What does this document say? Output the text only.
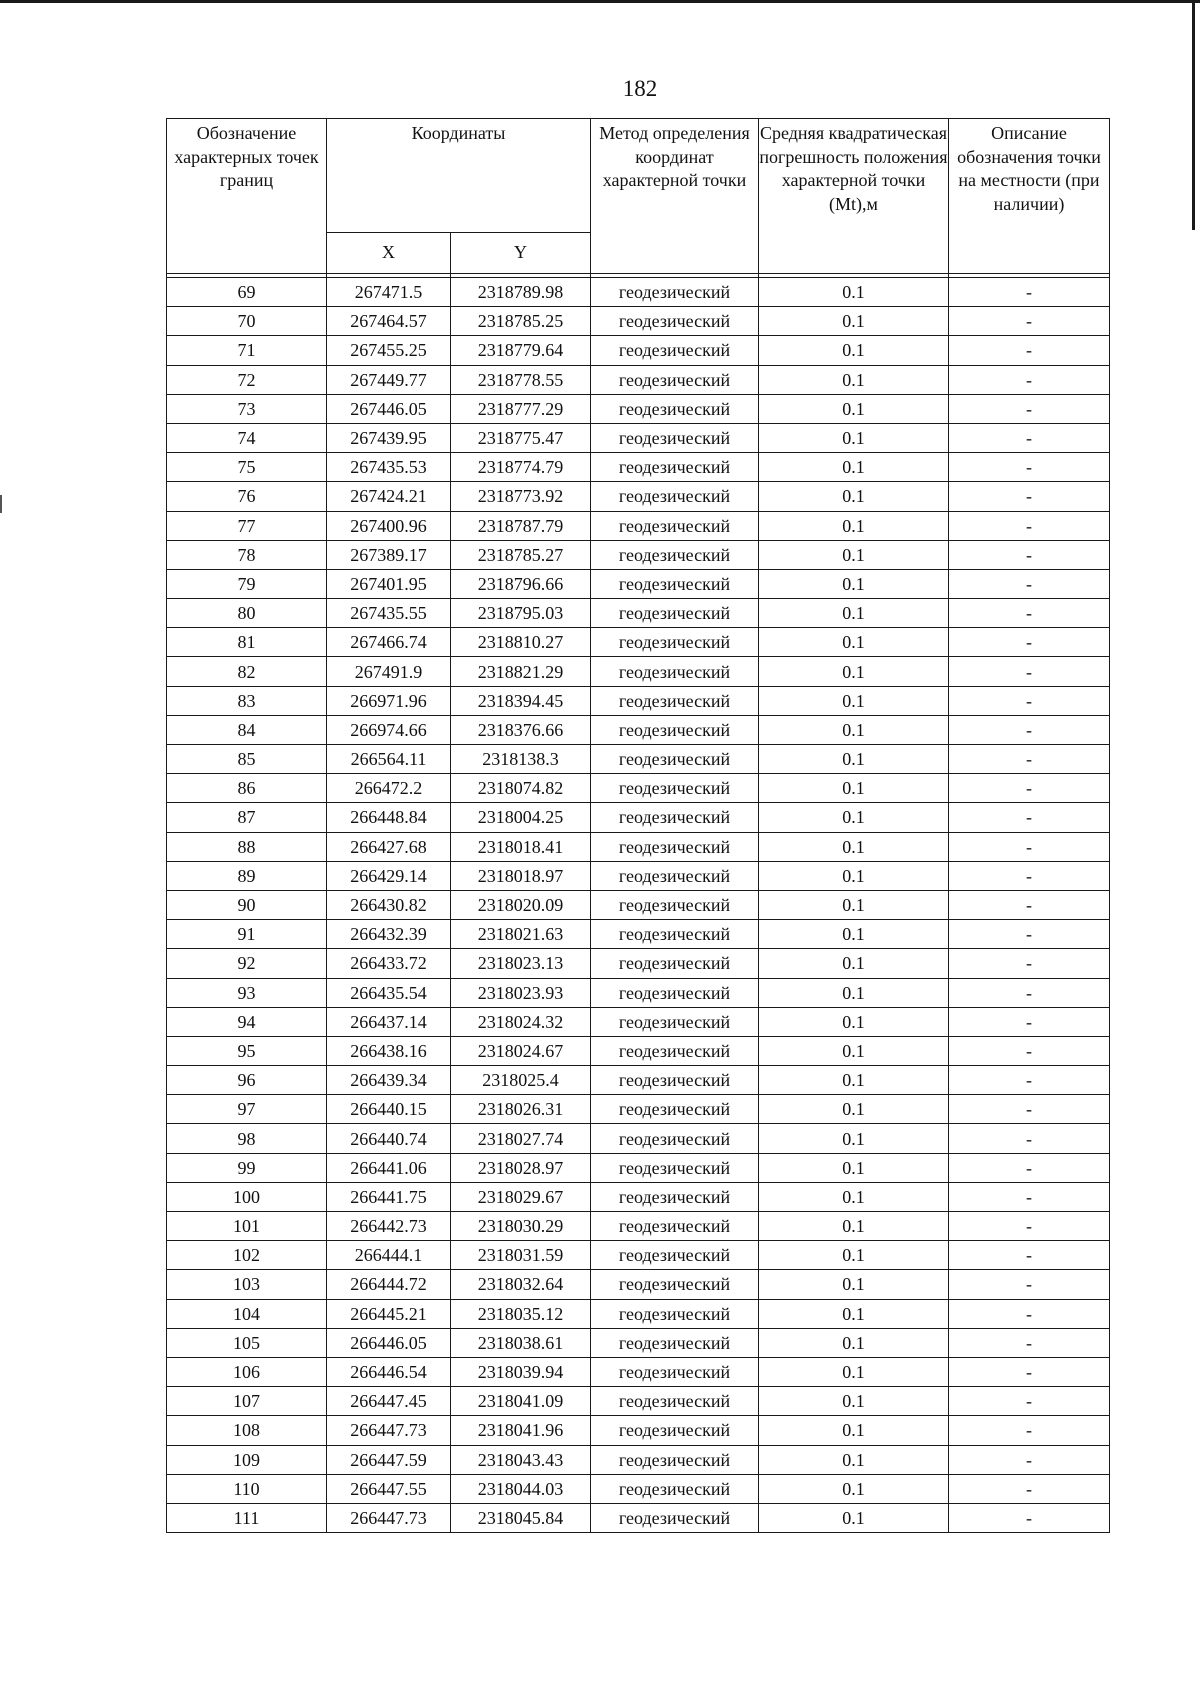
182
Обозначение характерных точек границ	Координаты		Метод определения координат характерной точки	Средняя квадратическая погрешность положения характерной точки (Mt),м	Описание обозначения точки на местности (при наличии)
	X	Y			

69	267471.5	2318789.98	геодезический	0.1	-
70	267464.57	2318785.25	геодезический	0.1	-
71	267455.25	2318779.64	геодезический	0.1	-
72	267449.77	2318778.55	геодезический	0.1	-
73	267446.05	2318777.29	геодезический	0.1	-
74	267439.95	2318775.47	геодезический	0.1	-
75	267435.53	2318774.79	геодезический	0.1	-
76	267424.21	2318773.92	геодезический	0.1	-
77	267400.96	2318787.79	геодезический	0.1	-
78	267389.17	2318785.27	геодезический	0.1	-
79	267401.95	2318796.66	геодезический	0.1	-
80	267435.55	2318795.03	геодезический	0.1	-
81	267466.74	2318810.27	геодезический	0.1	-
82	267491.9	2318821.29	геодезический	0.1	-
83	266971.96	2318394.45	геодезический	0.1	-
84	266974.66	2318376.66	геодезический	0.1	-
85	266564.11	2318138.3	геодезический	0.1	-
86	266472.2	2318074.82	геодезический	0.1	-
87	266448.84	2318004.25	геодезический	0.1	-
88	266427.68	2318018.41	геодезический	0.1	-
89	266429.14	2318018.97	геодезический	0.1	-
90	266430.82	2318020.09	геодезический	0.1	-
91	266432.39	2318021.63	геодезический	0.1	-
92	266433.72	2318023.13	геодезический	0.1	-
93	266435.54	2318023.93	геодезический	0.1	-
94	266437.14	2318024.32	геодезический	0.1	-
95	266438.16	2318024.67	геодезический	0.1	-
96	266439.34	2318025.4	геодезический	0.1	-
97	266440.15	2318026.31	геодезический	0.1	-
98	266440.74	2318027.74	геодезический	0.1	-
99	266441.06	2318028.97	геодезический	0.1	-
100	266441.75	2318029.67	геодезический	0.1	-
101	266442.73	2318030.29	геодезический	0.1	-
102	266444.1	2318031.59	геодезический	0.1	-
103	266444.72	2318032.64	геодезический	0.1	-
104	266445.21	2318035.12	геодезический	0.1	-
105	266446.05	2318038.61	геодезический	0.1	-
106	266446.54	2318039.94	геодезический	0.1	-
107	266447.45	2318041.09	геодезический	0.1	-
108	266447.73	2318041.96	геодезический	0.1	-
109	266447.59	2318043.43	геодезический	0.1	-
110	266447.55	2318044.03	геодезический	0.1	-
111	266447.73	2318045.84	геодезический	0.1	-
